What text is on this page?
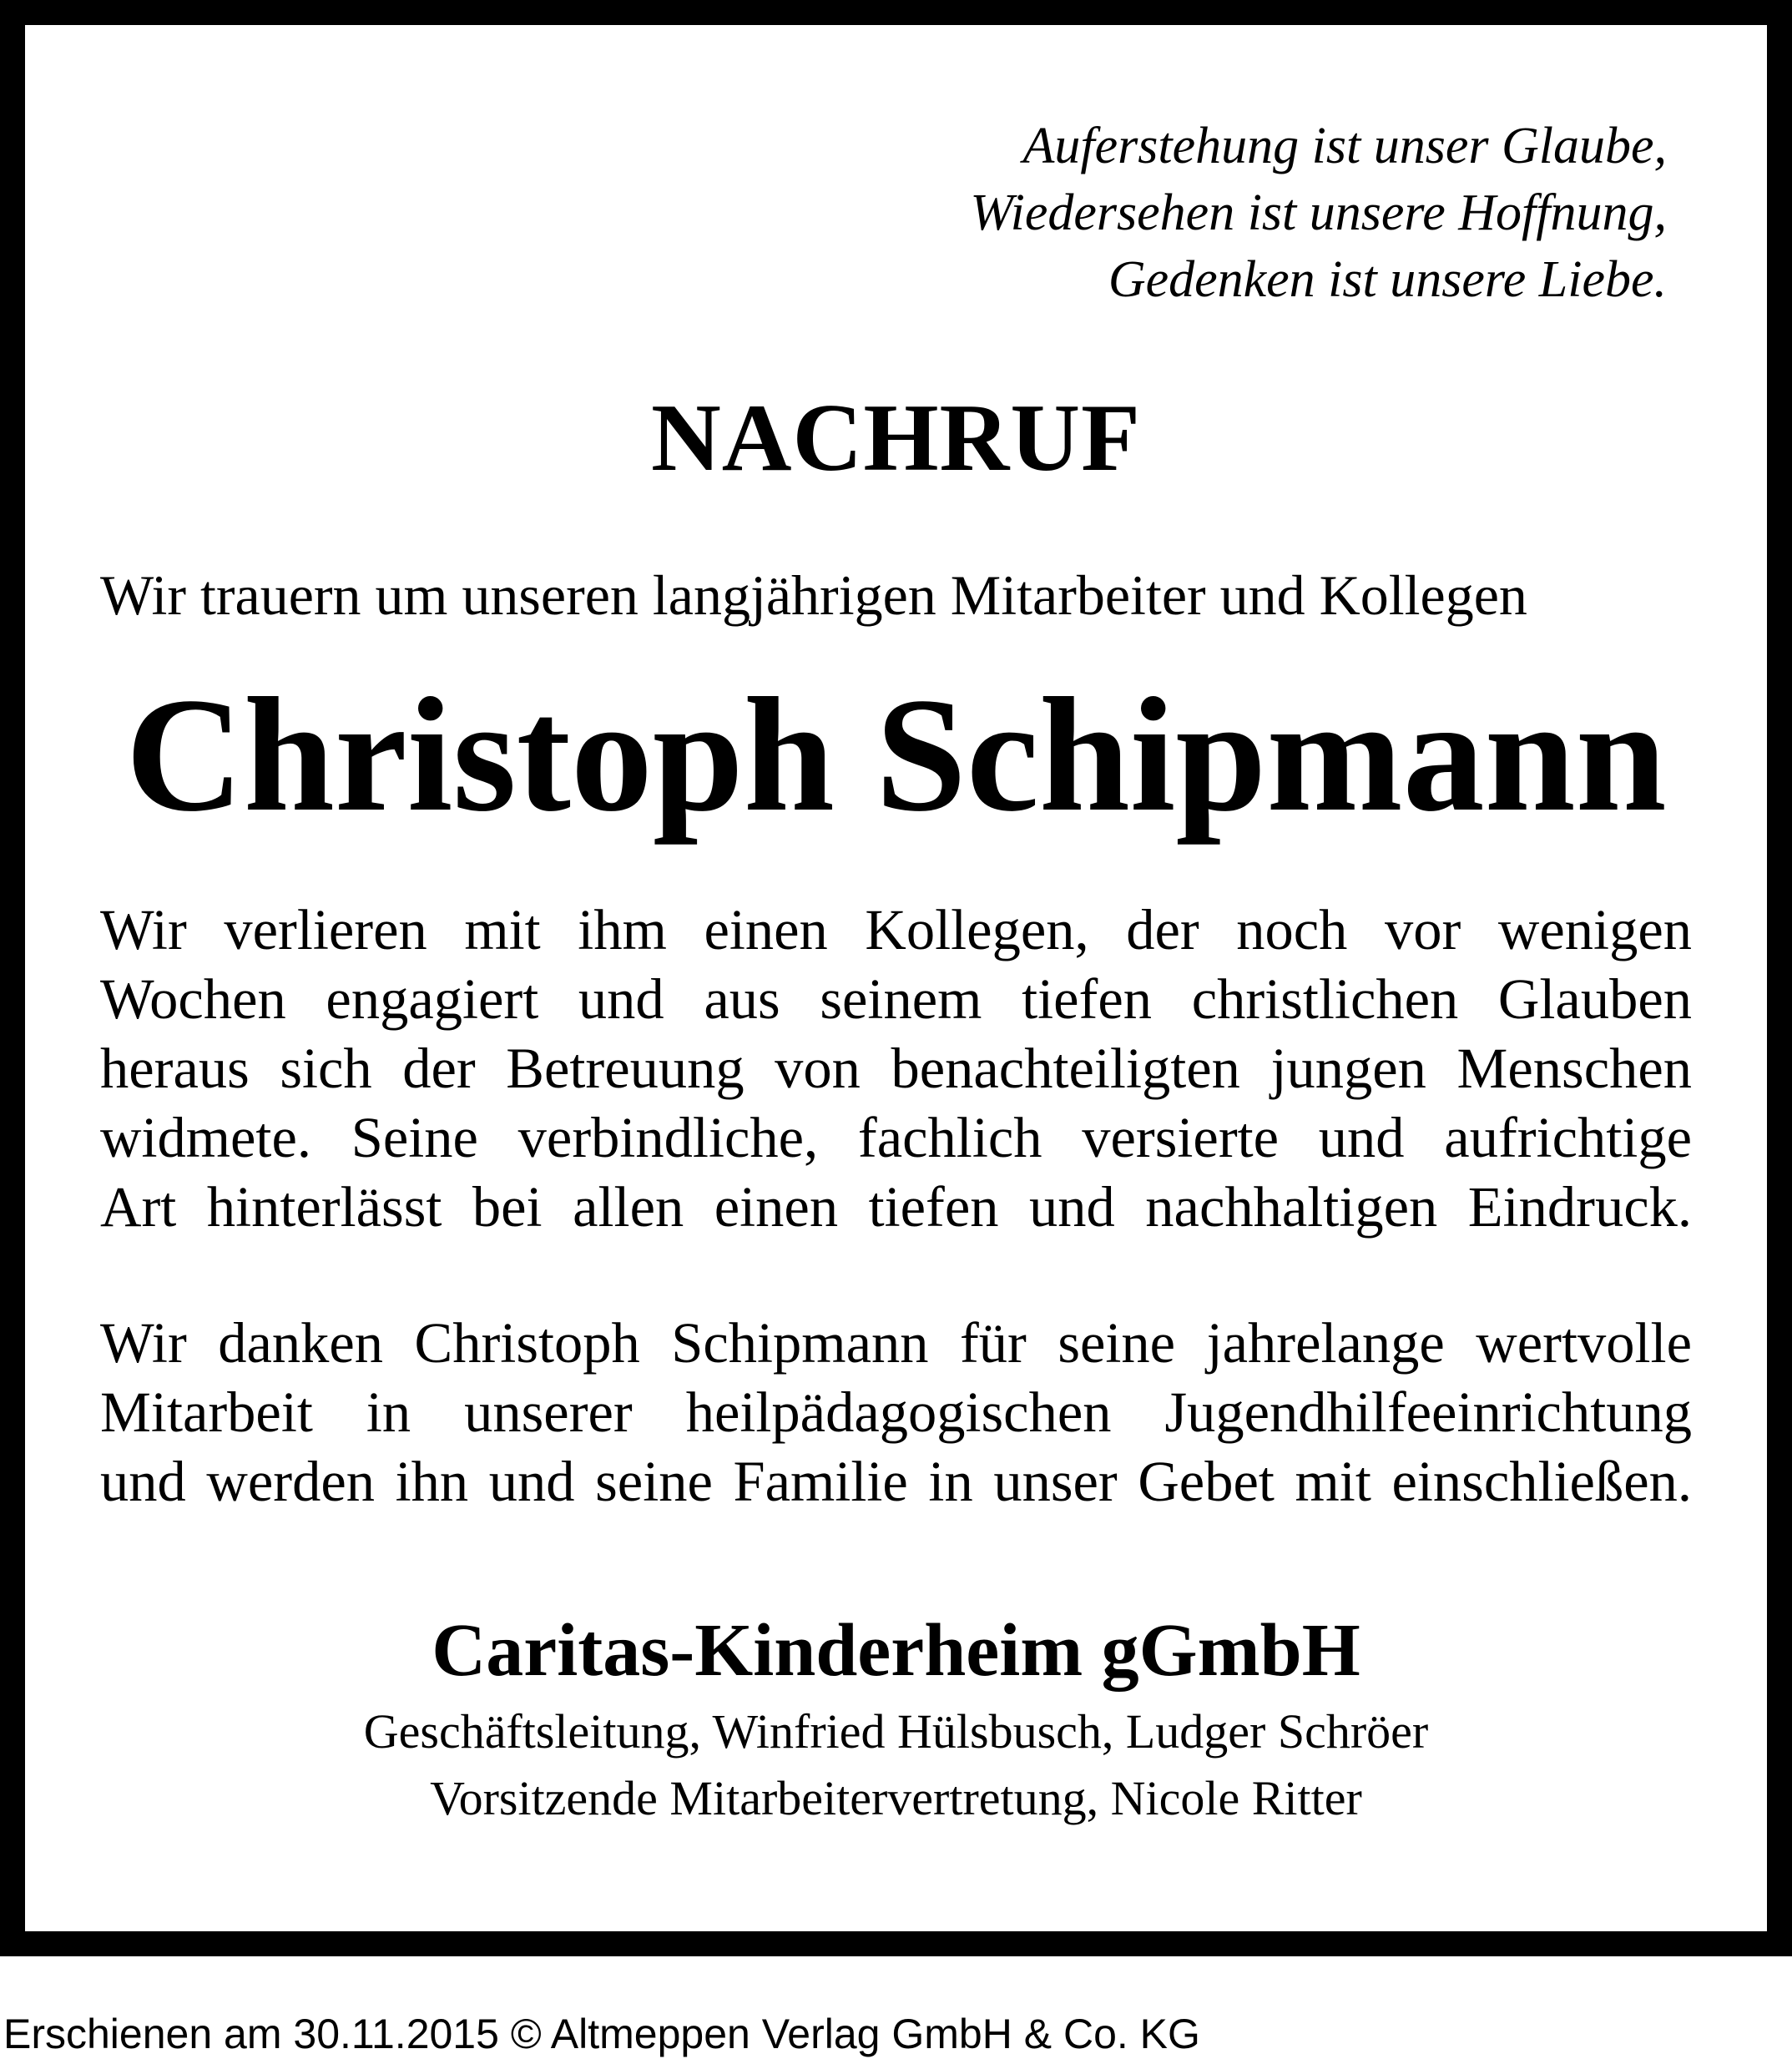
Auferstehung ist unser Glaube,
Wiedersehen ist unsere Hoffnung,
Gedenken ist unsere Liebe.
NACHRUF
Wir trauern um unseren langjährigen Mitarbeiter und Kollegen
Christoph Schipmann
Wir verlieren mit ihm einen Kollegen, der noch vor wenigen
Wochen engagiert und aus seinem tiefen christlichen Glauben
heraus sich der Betreuung von benachteiligten jungen Menschen
widmete. Seine verbindliche, fachlich versierte und aufrichtige
Art hinterlässt bei allen einen tiefen und nachhaltigen Eindruck.
Wir danken Christoph Schipmann für seine jahrelange wertvolle
Mitarbeit in unserer heilpädagogischen Jugendhilfeeinrichtung
und werden ihn und seine Familie in unser Gebet mit einschließen.
Caritas-Kinderheim gGmbH
Geschäftsleitung, Winfried Hülsbusch, Ludger Schröer
Vorsitzende Mitarbeitervertretung, Nicole Ritter
Erschienen am 30.11.2015 © Altmeppen Verlag GmbH & Co. KG
